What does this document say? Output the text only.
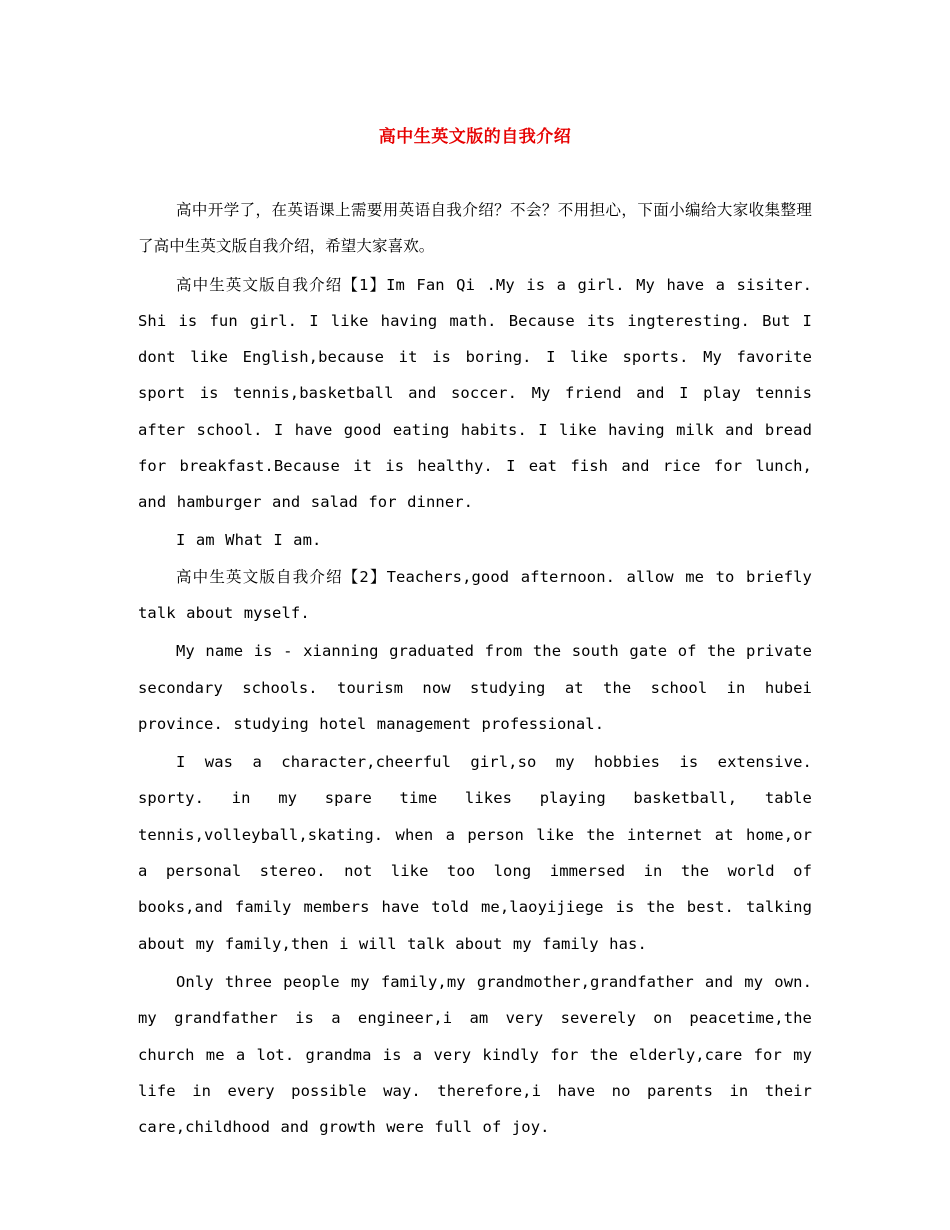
高中生英文版的自我介绍

高中开学了，在英语课上需要用英语自我介绍？不会？不用担心，下面小编给大家收集整理了高中生英文版自我介绍，希望大家喜欢。

高中生英文版自我介绍【1】Im Fan Qi .My is a girl. My have a sisiter. Shi is fun girl. I like having math. Because its ingteresting. But I dont like English,because it is boring. I like sports. My favorite sport is tennis,basketball and soccer. My friend and I play tennis after school. I have good eating habits. I like having milk and bread for breakfast.Because it is healthy. I eat fish and rice for lunch, and hamburger and salad for dinner.

I am What I am.

高中生英文版自我介绍【2】Teachers,good afternoon. allow me to briefly talk about myself.

My name is - xianning graduated from the south gate of the private secondary schools. tourism now studying at the school in hubei province. studying hotel management professional.

I was a character,cheerful girl,so my hobbies is extensive. sporty. in my spare time likes playing basketball, table tennis,volleyball,skating. when a person like the internet at home,or a personal stereo. not like too long immersed in the world of books,and family members have told me,laoyijiege is the best. talking about my family,then i will talk about my family has.

Only three people my family,my grandmother,grandfather and my own. my grandfather is a engineer,i am very severely on peacetime,the church me a lot. grandma is a very kindly for the elderly,care for my life in every possible way. therefore,i have no parents in their care,childhood and growth were full of joy.
